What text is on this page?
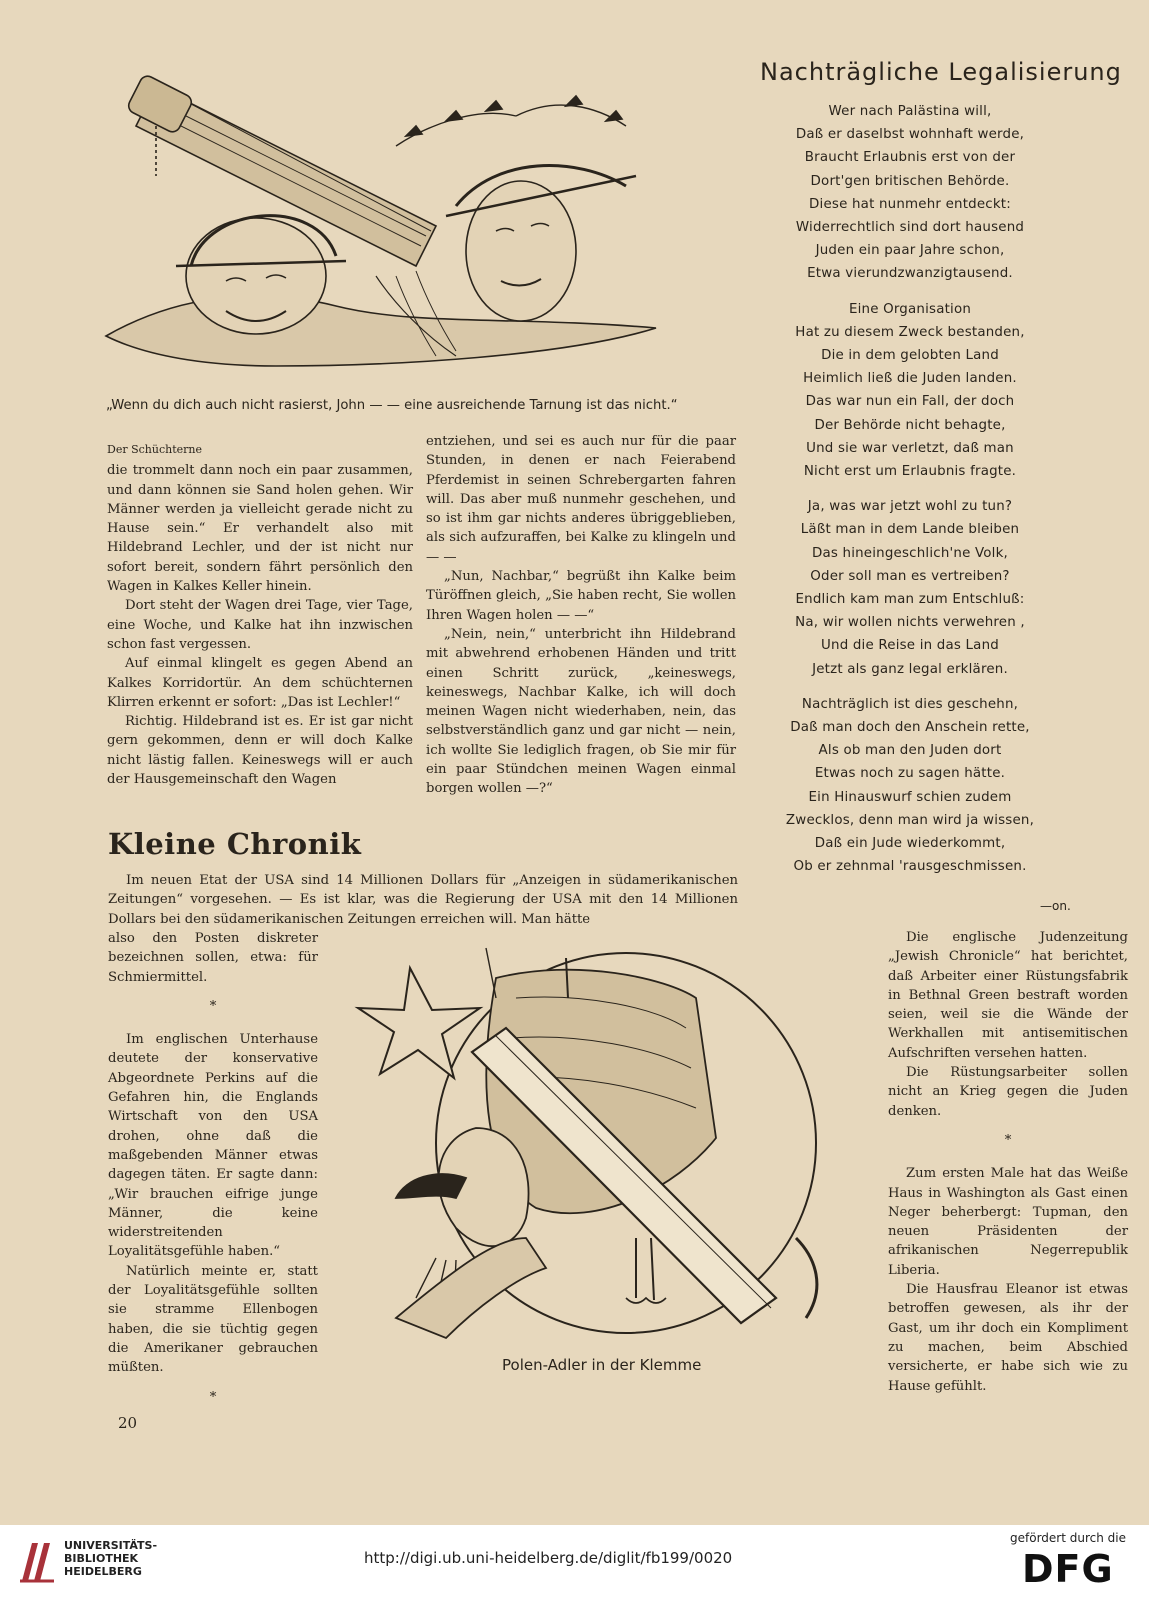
„Wenn du dich auch nicht rasierst, John — — eine ausreichende Tarnung ist das nicht.“
Nachträgliche Legalisierung
Wer nach Palästina will,
Daß er daselbst wohnhaft werde,
Braucht Erlaubnis erst von der
Dort'gen britischen Behörde.
Diese hat nunmehr entdeckt:
Widerrechtlich sind dort hausend
Juden ein paar Jahre schon,
Etwa vierundzwanzigtausend.
Eine Organisation
Hat zu diesem Zweck bestanden,
Die in dem gelobten Land
Heimlich ließ die Juden landen.
Das war nun ein Fall, der doch
Der Behörde nicht behagte,
Und sie war verletzt, daß man
Nicht erst um Erlaubnis fragte.
Ja, was war jetzt wohl zu tun?
Läßt man in dem Lande bleiben
Das hineingeschlich'ne Volk,
Oder soll man es vertreiben?
Endlich kam man zum Entschluß:
Na, wir wollen nichts verwehren ,
Und die Reise in das Land
Jetzt als ganz legal erklären.
Nachträglich ist dies geschehn,
Daß man doch den Anschein rette,
Als ob man den Juden dort
Etwas noch zu sagen hätte.
Ein Hinauswurf schien zudem
Zwecklos, denn man wird ja wissen,
Daß ein Jude wiederkommt,
Ob er zehnmal 'rausgeschmissen.
—on.
Der Schüchterne

die trommelt dann noch ein paar zusammen, und dann können sie Sand holen gehen. Wir Männer werden ja vielleicht gerade nicht zu Hause sein.“ Er verhandelt also mit Hildebrand Lechler, und der ist nicht nur sofort bereit, sondern fährt persönlich den Wagen in Kalkes Keller hinein.

Dort steht der Wagen drei Tage, vier Tage, eine Woche, und Kalke hat ihn inzwischen schon fast vergessen.

Auf einmal klingelt es gegen Abend an Kalkes Korridortür. An dem schüchternen Klirren erkennt er sofort: „Das ist Lechler!“

Richtig. Hildebrand ist es. Er ist gar nicht gern gekommen, denn er will doch Kalke nicht lästig fallen. Keineswegs will er auch der Hausgemeinschaft den Wagen

entziehen, und sei es auch nur für die paar Stunden, in denen er nach Feierabend Pferdemist in seinen Schrebergarten fahren will. Das aber muß nunmehr geschehen, und so ist ihm gar nichts anderes übriggeblieben, als sich aufzuraffen, bei Kalke zu klingeln und — —

„Nun, Nachbar,“ begrüßt ihn Kalke beim Türöffnen gleich, „Sie haben recht, Sie wollen Ihren Wagen holen — —“

„Nein, nein,“ unterbricht ihn Hildebrand mit abwehrend erhobenen Händen und tritt einen Schritt zurück, „keineswegs, keineswegs, Nachbar Kalke, ich will doch meinen Wagen nicht wiederhaben, nein, das selbstverständlich ganz und gar nicht — nein, ich wollte Sie lediglich fragen, ob Sie mir für ein paar Stündchen meinen Wagen einmal borgen wollen —?“

Kleine Chronik

Im neuen Etat der USA sind 14 Millionen Dollars für „Anzeigen in südamerikanischen Zeitungen“ vorgesehen. — Es ist klar, was die Regierung der USA mit den 14 Millionen Dollars bei den südamerikanischen Zeitungen erreichen will. Man hätte

also den Posten diskreter bezeichnen sollen, etwa: für Schmiermittel.

*

Im englischen Unterhause deutete der konservative Abgeordnete Perkins auf die Gefahren hin, die Englands Wirtschaft von den USA drohen, ohne daß die maßgebenden Männer etwas dagegen täten. Er sagte dann: „Wir brauchen eifrige junge Männer, die keine widerstreitenden Loyalitätsgefühle haben.“

Natürlich meinte er, statt der Loyalitätsgefühle sollten sie stramme Ellenbogen haben, die sie tüchtig gegen die Amerikaner gebrauchen müßten.

*
Polen-Adler in der Klemme

Die englische Judenzeitung „Jewish Chronicle“ hat berichtet, daß Arbeiter einer Rüstungsfabrik in Bethnal Green bestraft worden seien, weil sie die Wände der Werkhallen mit antisemitischen Aufschriften versehen hatten.

Die Rüstungsarbeiter sollen nicht an Krieg gegen die Juden denken.

*

Zum ersten Male hat das Weiße Haus in Washington als Gast einen Neger beherbergt: Tupman, den neuen Präsidenten der afrikanischen Negerrepublik Liberia.

Die Hausfrau Eleanor ist etwas betroffen gewesen, als ihr der Gast, um ihr doch ein Kompliment zu machen, beim Abschied versicherte, er habe sich wie zu Hause gefühlt.

20
UNIVERSITÄTS-
BIBLIOTHEK
HEIDELBERG
http://digi.ub.uni-heidelberg.de/diglit/fb199/0020
gefördert durch die
DFG
